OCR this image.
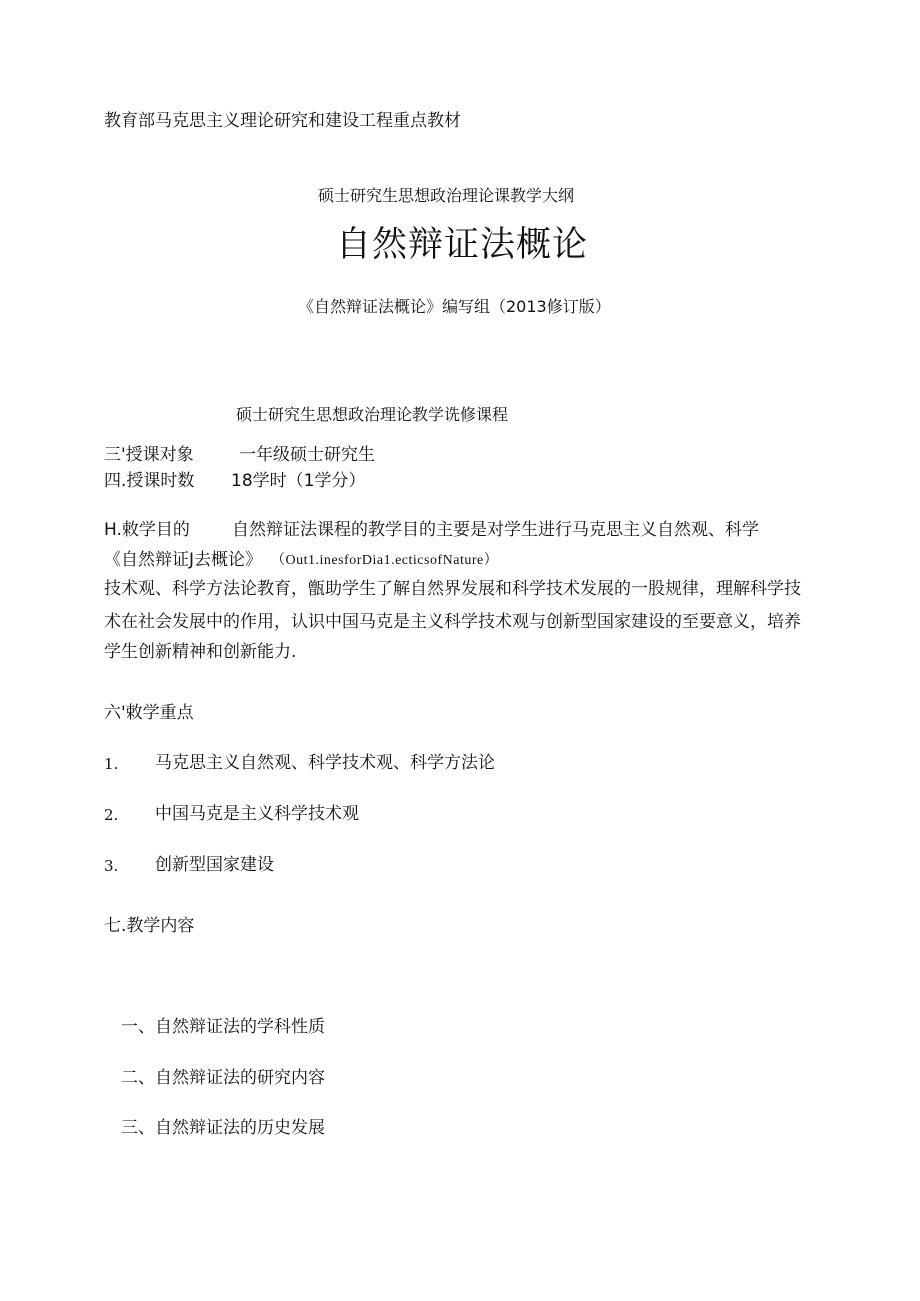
教育部马克思主义理论研究和建设工程重点教材
硕士研究生思想政治理论课教学大纲
自然辩证法概论
《自然辩证法概论》编写组（2013修订版）
硕士研究生思想政治理论教学诜修课程
三'授课对象	一年级硕士研究生
四.授课时数 18学时（1学分）
H.敕学目的 自然辩证法课程的教学目的主要是对学生进行马克思主义自然观、科学
《自然辩证J去概论》 （Out1.inesforDia1.ecticsofNature）
技术观、科学方法论教育，甑助学生了解自然界发展和科学技术发展的一股规律，理解科学技
术在社会发展中的作用，认识中国马克是主义科学技术观与创新型国家建设的至要意义，培养
学生创新精神和创新能力.
六'敕学重点
1. 马克思主义自然观、科学技术观、科学方法论
2. 中国马克是主义科学技术观
3. 创新型国家建设
七.教学内容
一、自然辩证法的学科性质
二、自然辩证法的研究内容
三、自然辩证法的历史发展
